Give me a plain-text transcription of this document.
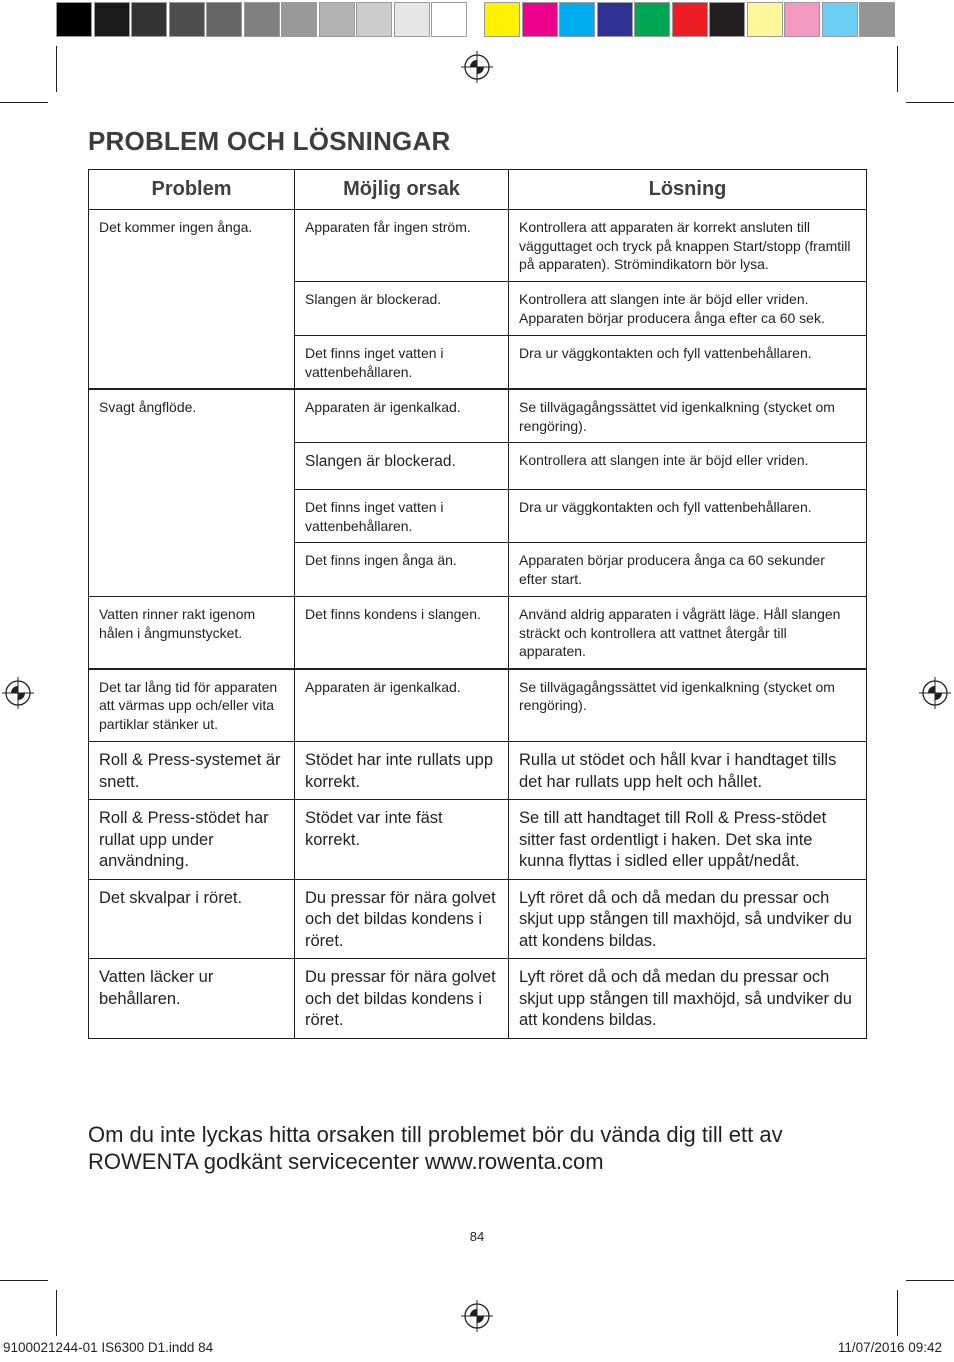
PROBLEM OCH LÖSNINGAR
Problem	Möjlig orsak	Lösning
Det kommer ingen ånga.	Apparaten får ingen ström.	Kontrollera att apparaten är korrekt ansluten till vägguttaget och tryck på knappen Start/stopp (framtill på apparaten). Strömindikatorn bör lysa.
	Slangen är blockerad.	Kontrollera att slangen inte är böjd eller vriden. Apparaten börjar producera ånga efter ca 60 sek.
	Det finns inget vatten i vattenbehållaren.	Dra ur väggkontakten och fyll vattenbehållaren.
Svagt ångflöde.	Apparaten är igenkalkad.	Se tillvägagångssättet vid igenkalkning (stycket om rengöring).
	Slangen är blockerad.	Kontrollera att slangen inte är böjd eller vriden.
	Det finns inget vatten i vattenbehållaren.	Dra ur väggkontakten och fyll vattenbehållaren.
	Det finns ingen ånga än.	Apparaten börjar producera ånga ca 60 sekunder efter start.
Vatten rinner rakt igenom hålen i ångmunstycket.	Det finns kondens i slangen.	Använd aldrig apparaten i vågrätt läge. Håll slangen sträckt och kontrollera att vattnet återgår till apparaten.
Det tar lång tid för apparaten att värmas upp och/eller vita partiklar stänker ut.	Apparaten är igenkalkad.	Se tillvägagångssättet vid igenkalkning (stycket om rengöring).
Roll & Press-systemet är snett.	Stödet har inte rullats upp korrekt.	Rulla ut stödet och håll kvar i handtaget tills det har rullats upp helt och hållet.
Roll & Press-stödet har rullat upp under användning.	Stödet var inte fäst korrekt.	Se till att handtaget till Roll & Press-stödet sitter fast ordentligt i haken. Det ska inte kunna flyttas i sidled eller uppåt/nedåt.
Det skvalpar i röret.	Du pressar för nära golvet och det bildas kondens i röret.	Lyft röret då och då medan du pressar och skjut upp stången till maxhöjd, så undviker du att kondens bildas.
Vatten läcker ur behållaren.	Du pressar för nära golvet och det bildas kondens i röret.	Lyft röret då och då medan du pressar och skjut upp stången till maxhöjd, så undviker du att kondens bildas.
Om du inte lyckas hitta orsaken till problemet bör du vända dig till ett av ROWENTA godkänt servicecenter www.rowenta.com
84
9100021244-01 IS6300 D1.indd 84	11/07/2016 09:42
